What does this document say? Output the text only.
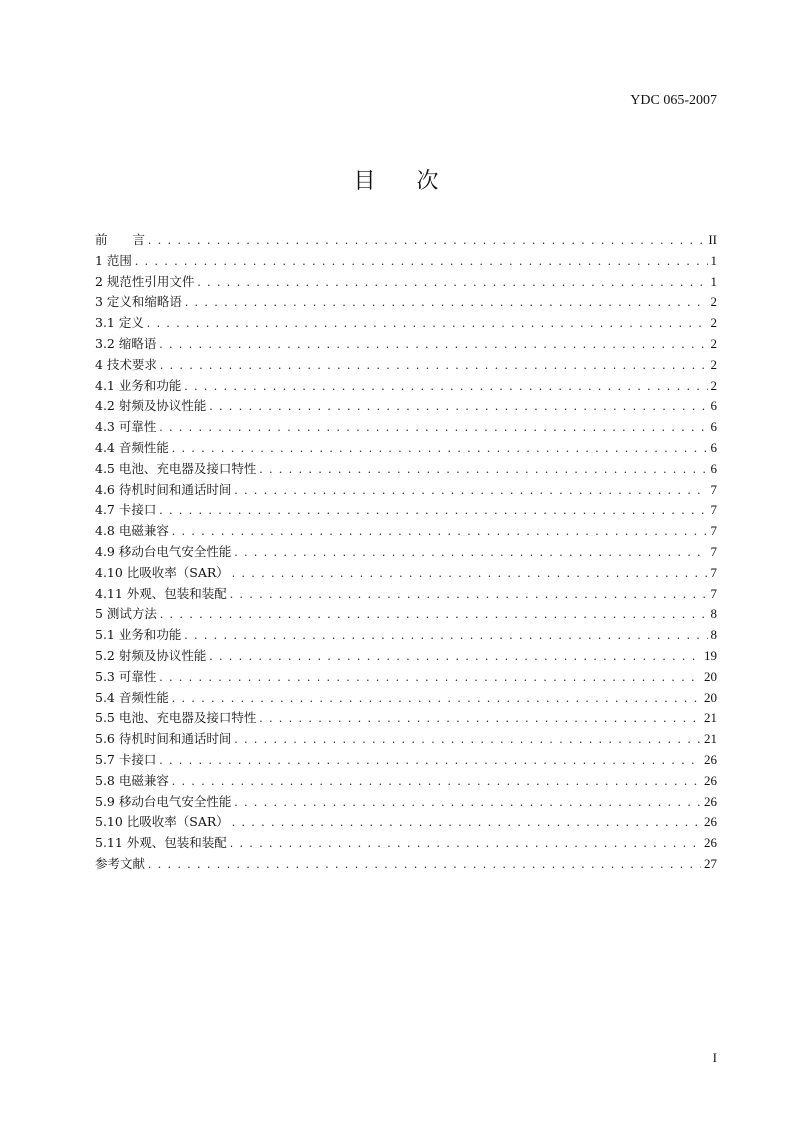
YDC 065-2007
目 次
前　　言 . . .	II
1 范围 . . .	1
2 规范性引用文件 . . .	1
3 定义和缩略语 . . .	2
3.1 定义 . . .	2
3.2 缩略语 . . .	2
4 技术要求 . . .	2
4.1 业务和功能 . . .	2
4.2 射频及协议性能 . . .	6
4.3 可靠性 . . .	6
4.4 音频性能 . . .	6
4.5 电池、充电器及接口特性 . . .	6
4.6 待机时间和通话时间 . . .	7
4.7 卡接口 . . .	7
4.8 电磁兼容 . . .	7
4.9 移动台电气安全性能 . . .	7
4.10 比吸收率（SAR） . . .	7
4.11 外观、包装和装配 . . .	7
5 测试方法 . . .	8
5.1 业务和功能 . . .	8
5.2 射频及协议性能 . . .	19
5.3 可靠性 . . .	20
5.4 音频性能 . . .	20
5.5 电池、充电器及接口特性 . . .	21
5.6 待机时间和通话时间 . . .	21
5.7 卡接口 . . .	26
5.8 电磁兼容 . . .	26
5.9 移动台电气安全性能 . . .	26
5.10 比吸收率（SAR） . . .	26
5.11 外观、包装和装配 . . .	26
参考文献 . . .	27
I
